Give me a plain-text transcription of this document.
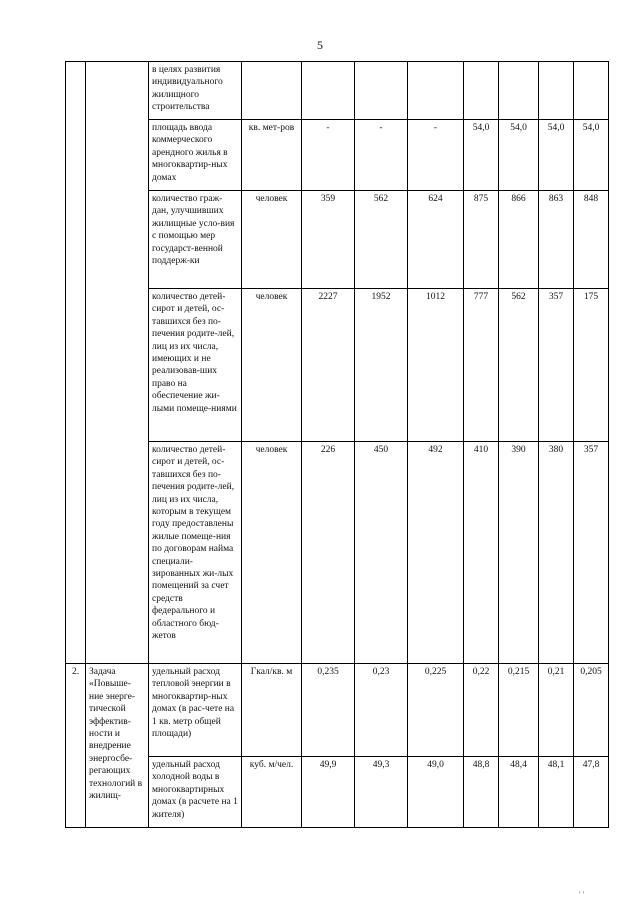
5
		в целях развития индивидуального жилищного строительства								
		площадь ввода коммерческого арендного жилья в многоквартир-ных домах	кв. мет-ров	-	-	-	54,0	54,0	54,0	54,0
		количество граж-дан, улучшивших жилищные усло-вия с помощью мер государст-венной поддерж-ки	человек	359	562	624	875	866	863	848
		количество детей-сирот и детей, ос-тавшихся без по-печения родите-лей, лиц из их числа, имеющих и не реализовав-ших право на обеспечение жи-лыми помеще-ниями	человек	2227	1952	1012	777	562	357	175
		количество детей-сирот и детей, ос-тавшихся без по-печения родите-лей, лиц из их числа, которым в текущем году предоставлены жилые помеще-ния по договорам найма специали-зированных жи-лых помещений за счет средств федерального и областного бюд-жетов	человек	226	450	492	410	390	380	357
2.	Задача «Повыше-ние энерге-тической эффектив-ности и внедрение энергосбе-регающих технологий в жилищ-	удельный расход тепловой энергии в многоквартир-ных домах (в рас-чете на 1 кв. метр общей площади)	Гкал/кв. м	0,235	0,23	0,225	0,22	0,215	0,21	0,205
		удельный расход холодной воды в многоквартирных домах (в расчете на 1 жителя)	куб. м/чел.	49,9	49,3	49,0	48,8	48,4	48,1	47,8
' '
